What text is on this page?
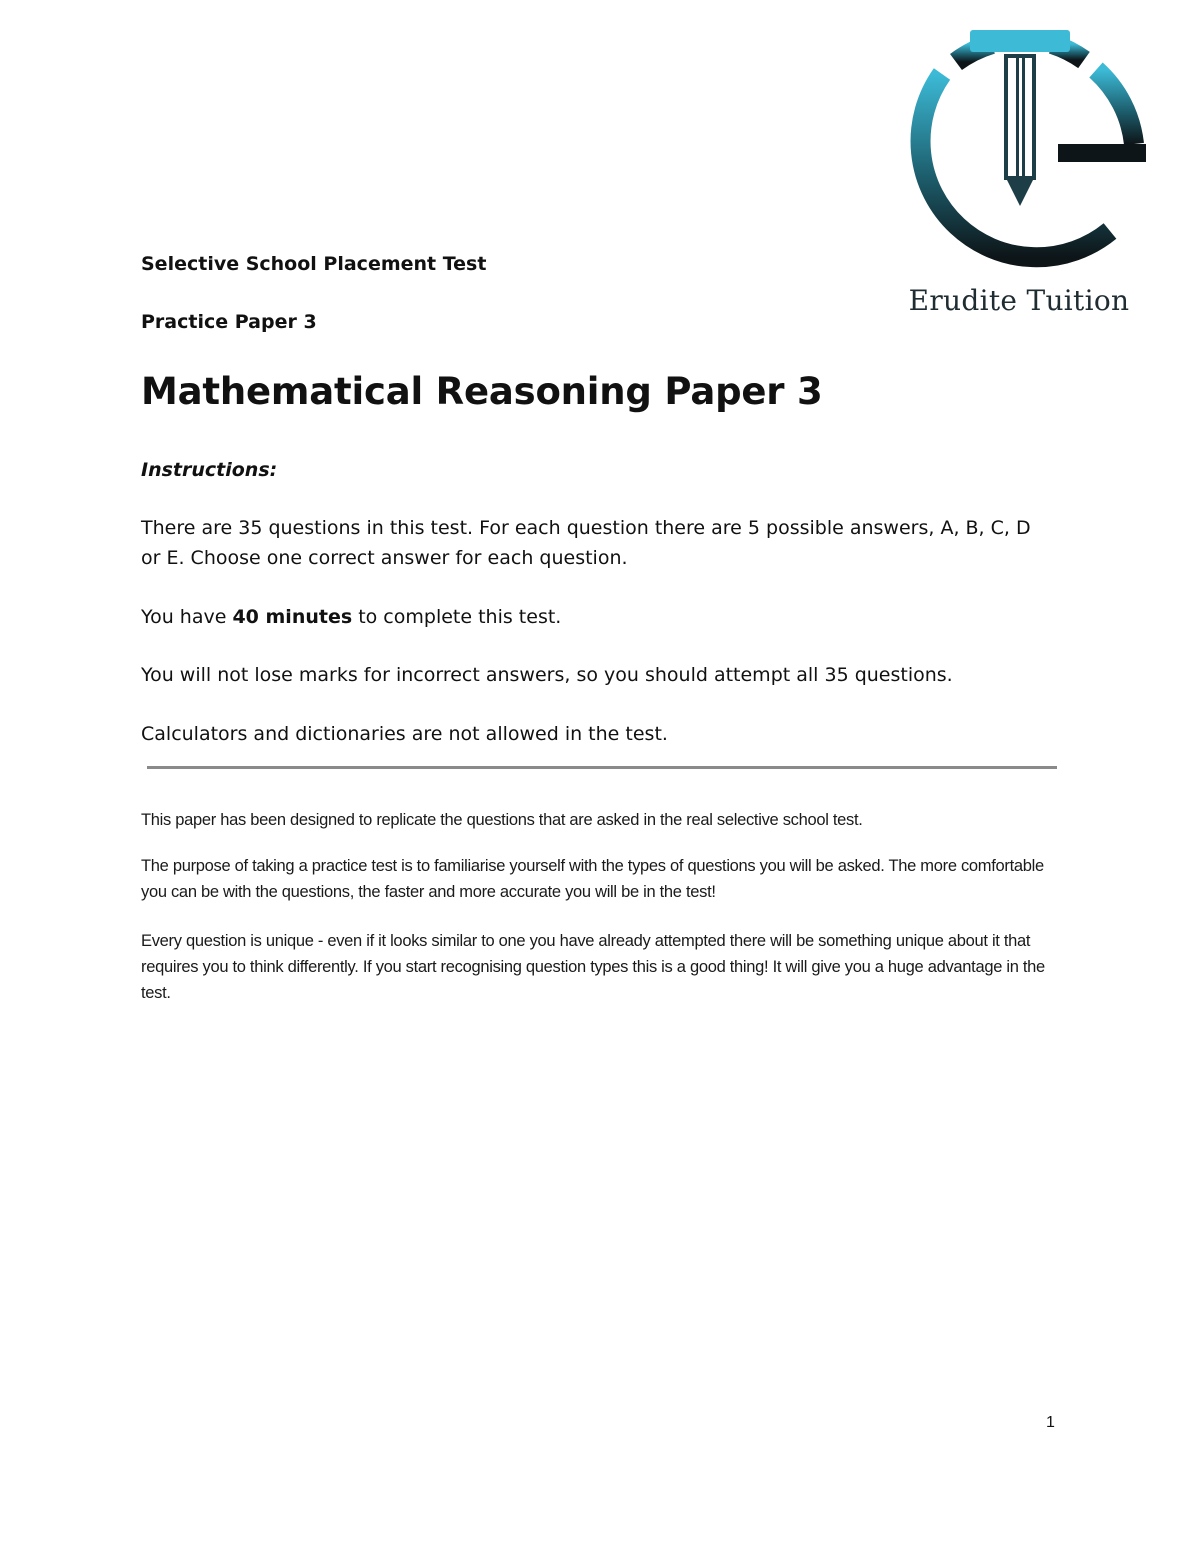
Erudite Tuition

Selective School Placement Test

Practice Paper 3

Mathematical Reasoning Paper 3

Instructions:

There are 35 questions in this test. For each question there are 5 possible answers, A, B, C, D or E. Choose one correct answer for each question.

You have 40 minutes to complete this test.

You will not lose marks for incorrect answers, so you should attempt all 35 questions.

Calculators and dictionaries are not allowed in the test.

This paper has been designed to replicate the questions that are asked in the real selective school test.

The purpose of taking a practice test is to familiarise yourself with the types of questions you will be asked. The more comfortable you can be with the questions, the faster and more accurate you will be in the test!

Every question is unique - even if it looks similar to one you have already attempted there will be something unique about it that requires you to think differently. If you start recognising question types this is a good thing! It will give you a huge advantage in the test.

1
